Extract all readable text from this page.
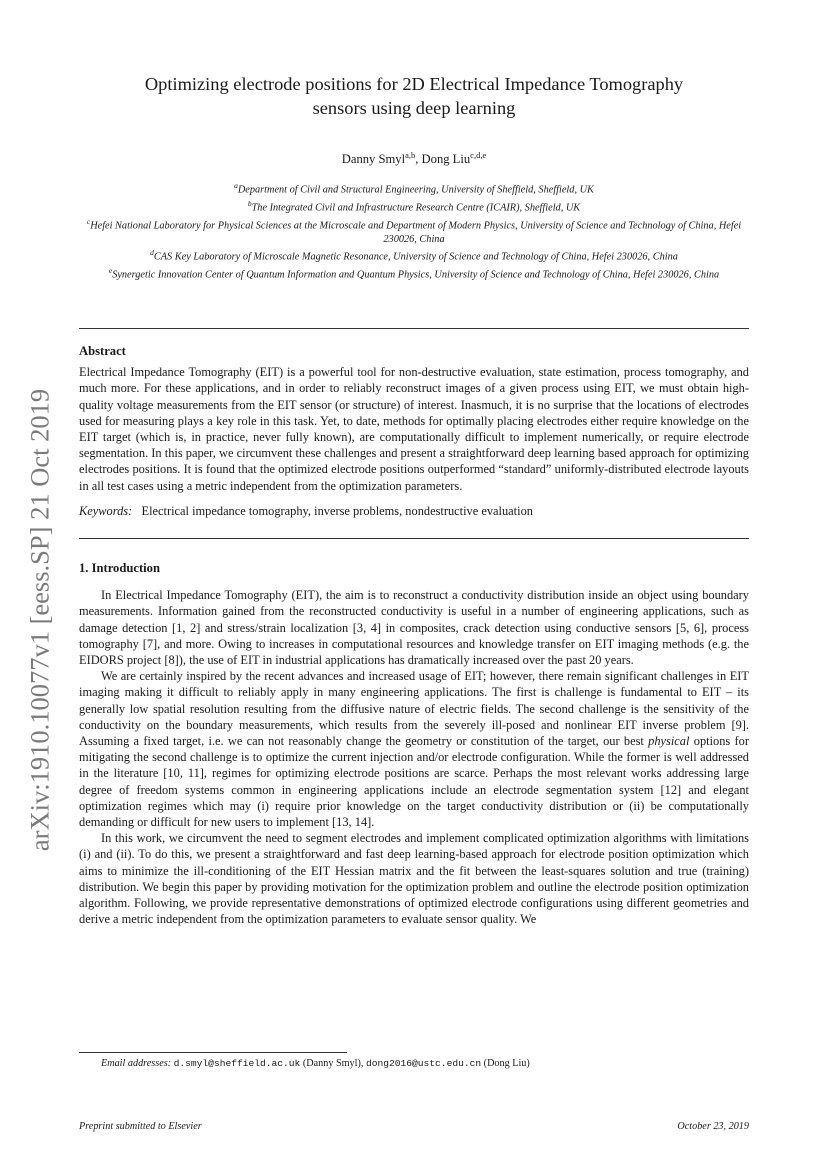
arXiv:1910.10077v1 [eess.SP] 21 Oct 2019
Optimizing electrode positions for 2D Electrical Impedance Tomography
sensors using deep learning
Danny Smyl$^{a,b}$, Dong Liu$^{c,d,e}$
$^a$Department of Civil and Structural Engineering, University of Sheffield, Sheffield, UK
$^b$The Integrated Civil and Infrastructure Research Centre (ICAIR), Sheffield, UK
$^c$Hefei National Laboratory for Physical Sciences at the Microscale and Department of Modern Physics, University of Science and Technology of China, Hefei 230026, China
$^d$CAS Key Laboratory of Microscale Magnetic Resonance, University of Science and Technology of China, Hefei 230026, China
$^e$Synergetic Innovation Center of Quantum Information and Quantum Physics, University of Science and Technology of China, Hefei 230026, China
Abstract

Electrical Impedance Tomography (EIT) is a powerful tool for non-destructive evaluation, state estimation, process tomography, and much more. For these applications, and in order to reliably reconstruct images of a given process using EIT, we must obtain high-quality voltage measurements from the EIT sensor (or structure) of interest. Inasmuch, it is no surprise that the locations of electrodes used for measuring plays a key role in this task. Yet, to date, methods for optimally placing electrodes either require knowledge on the EIT target (which is, in practice, never fully known), are computationally difficult to implement numerically, or require electrode segmentation. In this paper, we circumvent these challenges and present a straightforward deep learning based approach for optimizing electrodes positions. It is found that the optimized electrode positions outperformed “standard” uniformly-distributed electrode layouts in all test cases using a metric independent from the optimization parameters.

Keywords: Electrical impedance tomography, inverse problems, nondestructive evaluation

1. Introduction

In Electrical Impedance Tomography (EIT), the aim is to reconstruct a conductivity distribution inside an object using boundary measurements. Information gained from the reconstructed conductivity is useful in a number of engineering applications, such as damage detection [1, 2] and stress/strain localization [3, 4] in composites, crack detection using conductive sensors [5, 6], process tomography [7], and more. Owing to increases in computational resources and knowledge transfer on EIT imaging methods (e.g. the EIDORS project [8]), the use of EIT in industrial applications has dramatically increased over the past 20 years.

We are certainly inspired by the recent advances and increased usage of EIT; however, there remain significant challenges in EIT imaging making it difficult to reliably apply in many engineering applications. The first is challenge is fundamental to EIT – its generally low spatial resolution resulting from the diffusive nature of electric fields. The second challenge is the sensitivity of the conductivity on the boundary measurements, which results from the severely ill-posed and nonlinear EIT inverse problem [9]. Assuming a fixed target, i.e. we can not reasonably change the geometry or constitution of the target, our best physical options for mitigating the second challenge is to optimize the current injection and/or electrode configuration. While the former is well addressed in the literature [10, 11], regimes for optimizing electrode positions are scarce. Perhaps the most relevant works addressing large degree of freedom systems common in engineering applications include an electrode segmentation system [12] and elegant optimization regimes which may (i) require prior knowledge on the target conductivity distribution or (ii) be computationally demanding or difficult for new users to implement [13, 14].

In this work, we circumvent the need to segment electrodes and implement complicated optimization algorithms with limitations (i) and (ii). To do this, we present a straightforward and fast deep learning-based approach for electrode position optimization which aims to minimize the ill-conditioning of the EIT Hessian matrix and the fit between the least-squares solution and true (training) distribution. We begin this paper by providing motivation for the optimization problem and outline the electrode position optimization algorithm. Following, we provide representative demonstrations of optimized electrode configurations using different geometries and derive a metric independent from the optimization parameters to evaluate sensor quality. We

Email addresses: d.smyl@sheffield.ac.uk (Danny Smyl), dong2016@ustc.edu.cn (Dong Liu)
Preprint submitted to Elsevier	October 23, 2019
